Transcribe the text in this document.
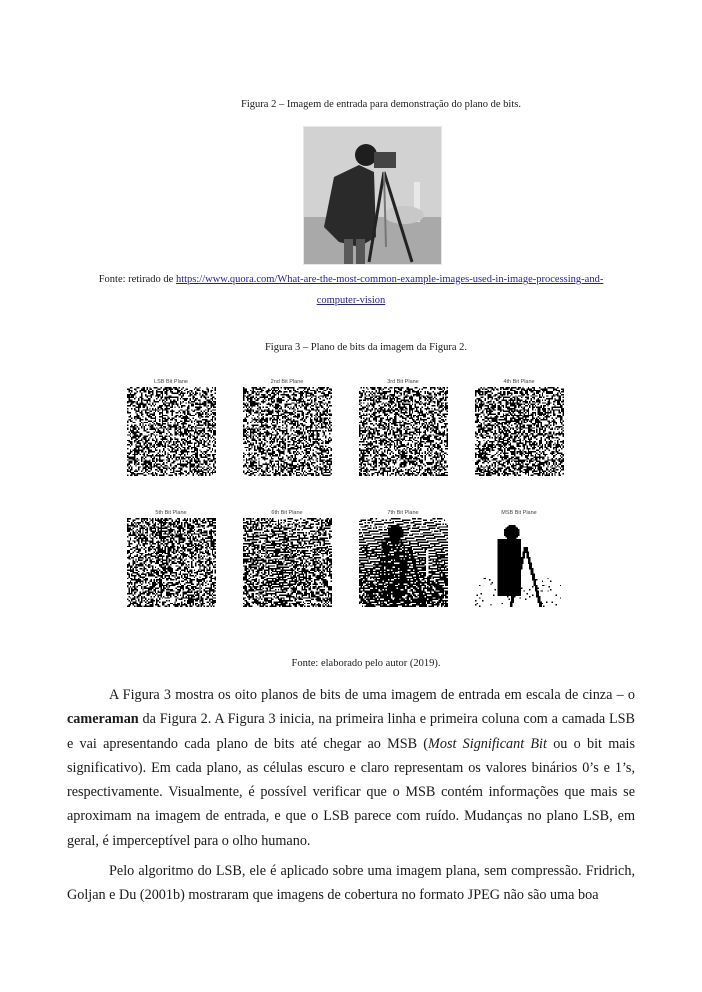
Figura 2 – Imagem de entrada para demonstração do plano de bits.
Fonte: retirado de https://www.quora.com/What-are-the-most-common-example-images-used-in-image-processing-and-
computer-vision
Figura 3 – Plano de bits da imagem da Figura 2.
LSB Bit Plane	2nd Bit Plane	3rd Bit Plane	4th Bit Plane
5th Bit Plane	6th Bit Plane	7th Bit Plane	MSB Bit Plane
Fonte: elaborado pelo autor (2019).

A Figura 3 mostra os oito planos de bits de uma imagem de entrada em escala de cinza – o cameraman da Figura 2. A Figura 3 inicia, na primeira linha e primeira coluna com a camada LSB e vai apresentando cada plano de bits até chegar ao MSB (Most Significant Bit ou o bit mais significativo). Em cada plano, as células escuro e claro representam os valores binários 0’s e 1’s, respectivamente. Visualmente, é possível verificar que o MSB contém informações que mais se aproximam na imagem de entrada, e que o LSB parece com ruído. Mudanças no plano LSB, em geral, é imperceptível para o olho humano.

Pelo algoritmo do LSB, ele é aplicado sobre uma imagem plana, sem compressão. Fridrich, Goljan e Du (2001b) mostraram que imagens de cobertura no formato JPEG não são uma boa
